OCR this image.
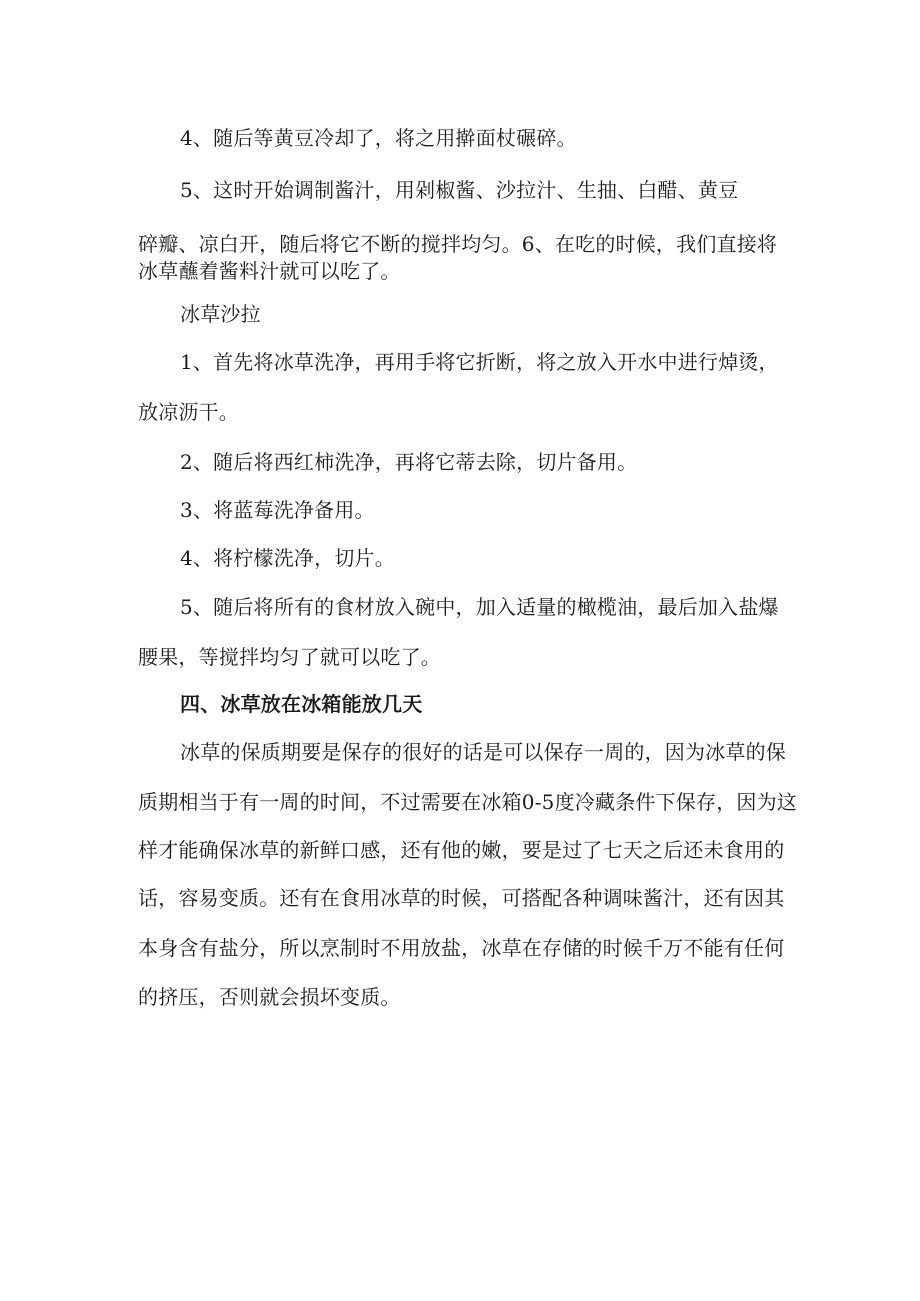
4、随后等黄豆冷却了，将之用擀面杖碾碎。
5、这时开始调制酱汁，用剁椒酱、沙拉汁、生抽、白醋、黄豆
碎瓣、凉白开，随后将它不断的搅拌均匀。6、在吃的时候，我们直接将
冰草蘸着酱料汁就可以吃了。
冰草沙拉
1、首先将冰草洗净，再用手将它折断，将之放入开水中进行焯烫，
放凉沥干。
2、随后将西红柿洗净，再将它蒂去除，切片备用。
3、将蓝莓洗净备用。
4、将柠檬洗净，切片。
5、随后将所有的食材放入碗中，加入适量的橄榄油，最后加入盐爆
腰果，等搅拌均匀了就可以吃了。
四、冰草放在冰箱能放几天
冰草的保质期要是保存的很好的话是可以保存一周的，因为冰草的保
质期相当于有一周的时间，不过需要在冰箱0-5度冷藏条件下保存，因为这
样才能确保冰草的新鲜口感，还有他的嫩，要是过了七天之后还未食用的
话，容易变质。还有在食用冰草的时候，可搭配各种调味酱汁，还有因其
本身含有盐分，所以烹制时不用放盐，冰草在存储的时候千万不能有任何
的挤压，否则就会损坏变质。
